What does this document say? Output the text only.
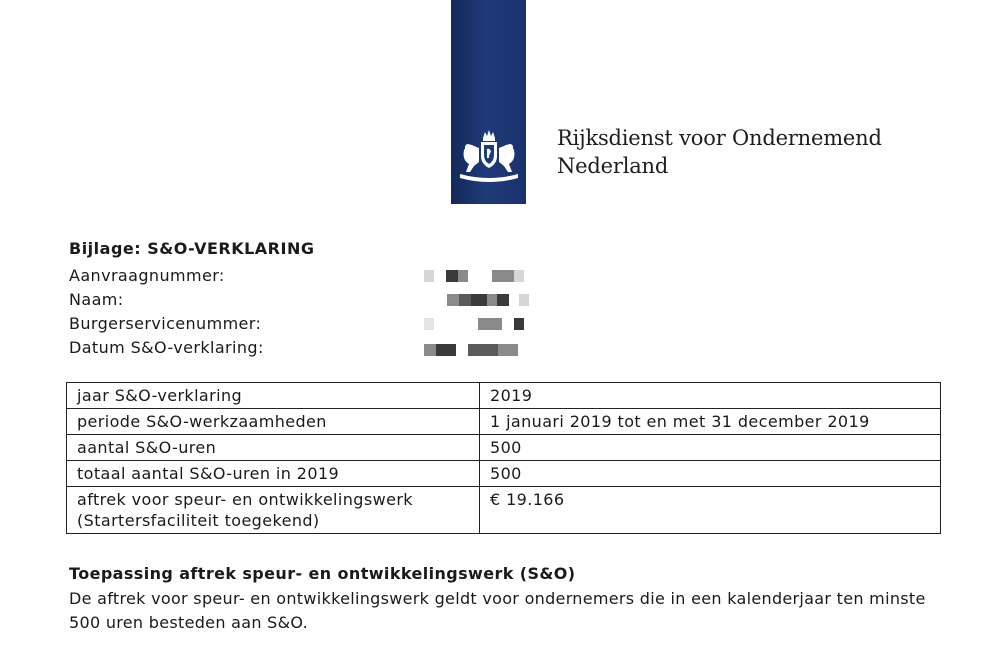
Rijksdienst voor Ondernemend
Nederland
Bijlage: S&O-VERKLARING
Aanvraagnummer:
Naam:
Burgerservicenummer:
Datum S&O-verklaring:
jaar S&O-verklaring	2019
periode S&O-werkzaamheden	1 januari 2019 tot en met 31 december 2019
aantal S&O-uren	500
totaal aantal S&O-uren in 2019	500

aftrek voor speur- en ontwikkelingswerk
(Startersfaciliteit toegekend)	€ 19.166
Toepassing aftrek speur- en ontwikkelingswerk (S&O)
De aftrek voor speur- en ontwikkelingswerk geldt voor ondernemers die in een kalenderjaar ten minste 500 uren besteden aan S&O.
